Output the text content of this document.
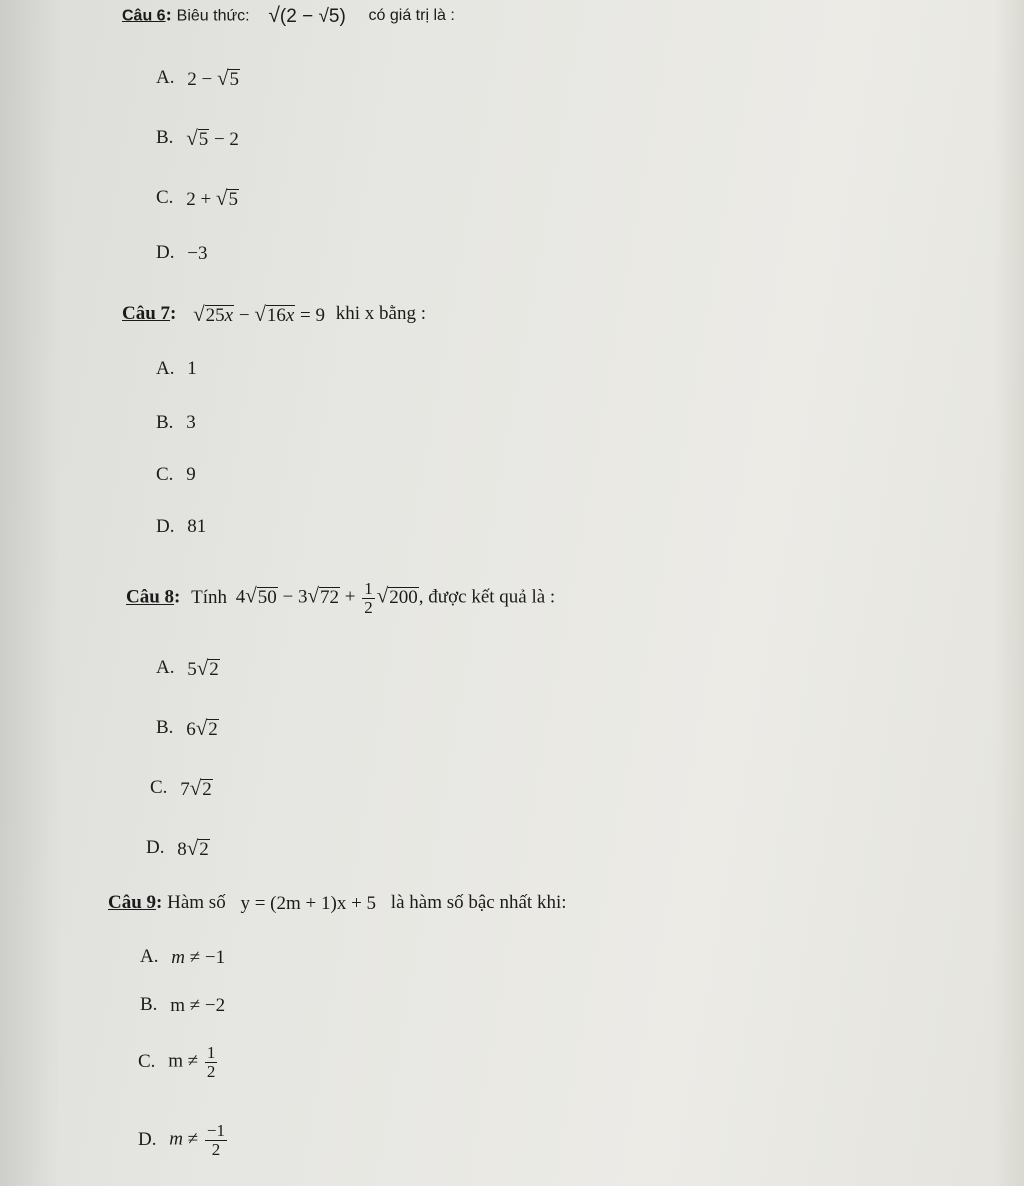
Câu 6: Biêu thức: √(2 − √5) có giá trị là :
A. 2 − √5
B. √5 − 2
C. 2 + √5
D. −3
Câu 7: √25x − √16x = 9 khi x bằng :
A. 1
B. 3
C. 9
D. 81
Câu 8: Tính $4√50 - 3√72 + \frac{1}{2} √200$, được kết quả là :
A. 5√2
B. 6√2
C. 7√2
D. 8√2
Câu 9: Hàm số y = (2m + 1)x + 5 là hàm số bậc nhất khi:
A. m ≠ −1
B. m ≠ −2
C. $m \ne \frac{1}{2}$
D. $m \ne \frac{-1}{2}$
